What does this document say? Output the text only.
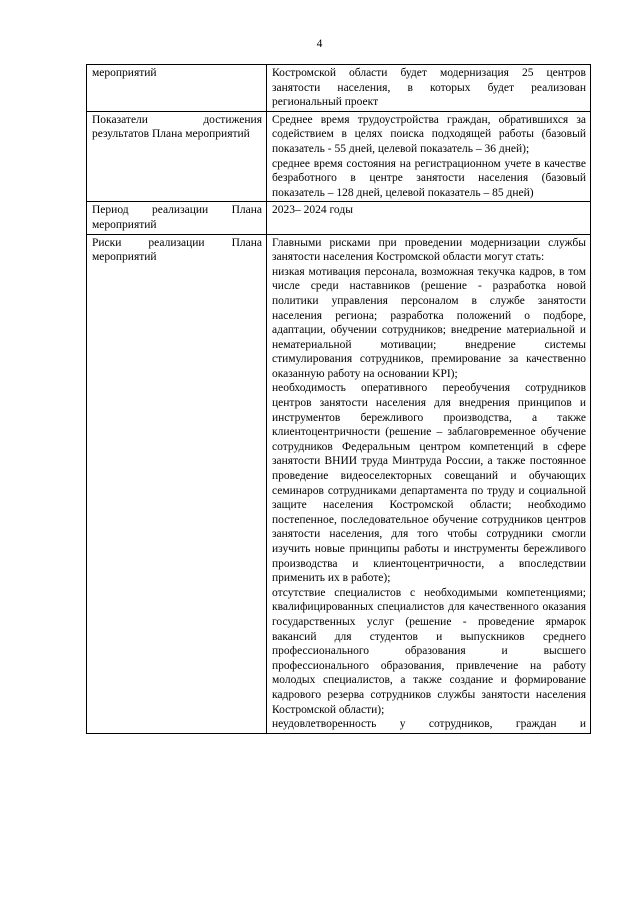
4
мероприятий	Костромской области будет модернизация 25 центров занятости населения, в которых будет реализован региональный проект

Показатели достижения результатов Плана мероприятий	Среднее время трудоустройства граждан, обратившихся за содействием в целях поиска подходящей работы (базовый показатель - 55 дней, целевой показатель – 36 дней);

среднее время состояния на регистрационном учете в качестве безработного в центре занятости населения (базовый показатель – 128 дней, целевой показатель – 85 дней)

Период реализации Плана мероприятий	2023– 2024 годы

Риски реализации Плана мероприятий	Главными рисками при проведении модернизации службы занятости населения Костромской области могут стать:

низкая мотивация персонала, возможная текучка кадров, в том числе среди наставников (решение - разработка новой политики управления персоналом в службе занятости населения региона; разработка положений о подборе, адаптации, обучении сотрудников; внедрение материальной и нематериальной мотивации; внедрение системы стимулирования сотрудников, премирование за качественно оказанную работу на основании KPI);

необходимость оперативного переобучения сотрудников центров занятости населения для внедрения принципов и инструментов бережливого производства, а также клиентоцентричности (решение – заблаговременное обучение сотрудников Федеральным центром компетенций в сфере занятости ВНИИ труда Минтруда России, а также постоянное проведение видеоселекторных совещаний и обучающих семинаров сотрудниками департамента по труду и социальной защите населения Костромской области; необходимо постепенное, последовательное обучение сотрудников центров занятости населения, для того чтобы сотрудники смогли изучить новые принципы работы и инструменты бережливого производства и клиентоцентричности, а впоследствии применить их в работе);

отсутствие специалистов с необходимыми компетенциями; квалифицированных специалистов для качественного оказания государственных услуг (решение - проведение ярмарок вакансий для студентов и выпускников среднего профессионального образования и высшего профессионального образования, привлечение на работу молодых специалистов, а также создание и формирование кадрового резерва сотрудников службы занятости населения Костромской области);

неудовлетворенность у сотрудников, граждан и
